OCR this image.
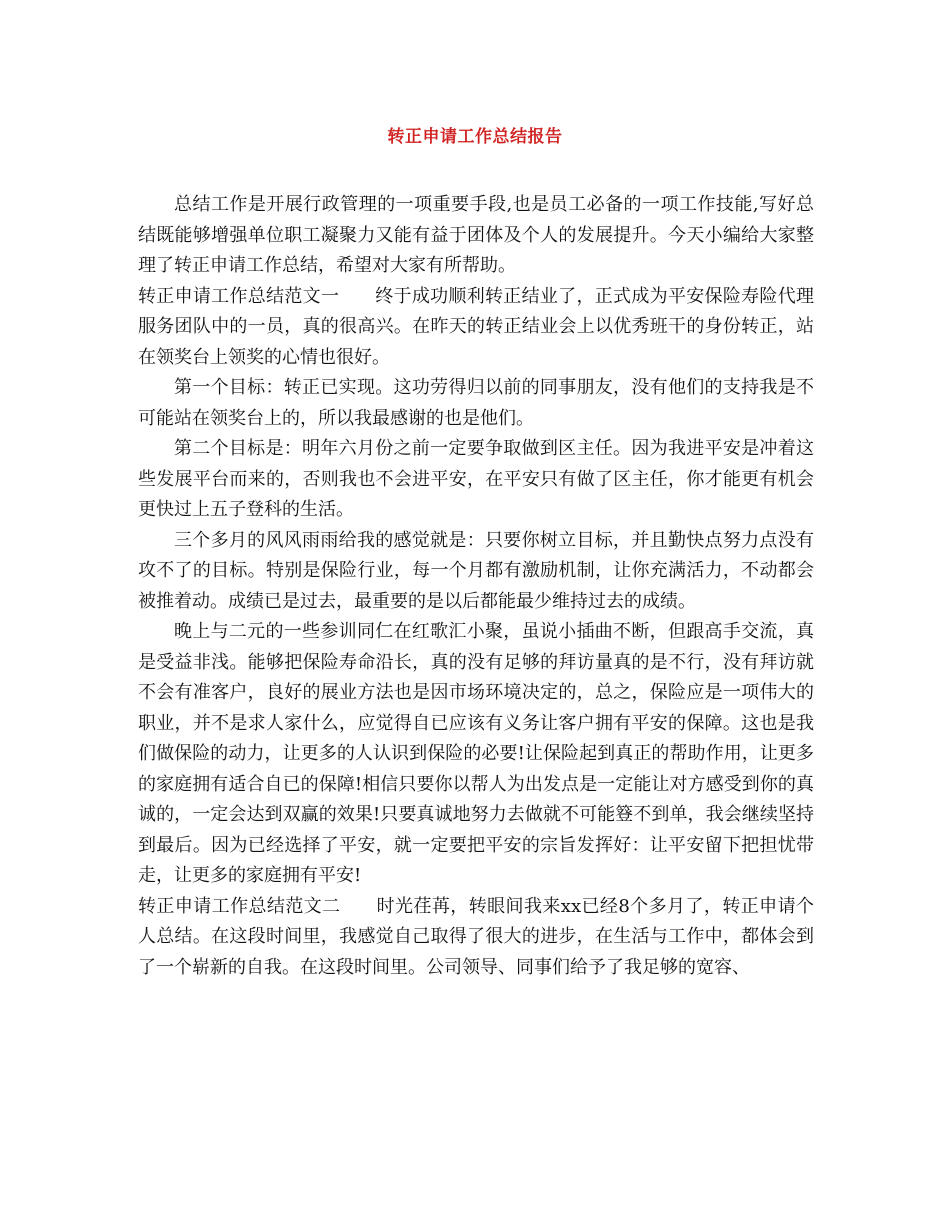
转正申请工作总结报告

总结工作是开展行政管理的一项重要手段,也是员工必备的一项工作技能,写好总结既能够增强单位职工凝聚力又能有益于团体及个人的发展提升。今天小编给大家整理了转正申请工作总结，希望对大家有所帮助。

转正申请工作总结范文一 终于成功顺利转正结业了，正式成为平安保险寿险代理服务团队中的一员，真的很高兴。在昨天的转正结业会上以优秀班干的身份转正，站在领奖台上领奖的心情也很好。

第一个目标：转正已实现。这功劳得归以前的同事朋友，没有他们的支持我是不可能站在领奖台上的，所以我最感谢的也是他们。

第二个目标是：明年六月份之前一定要争取做到区主任。因为我进平安是冲着这些发展平台而来的，否则我也不会进平安，在平安只有做了区主任，你才能更有机会更快过上五子登科的生活。

三个多月的风风雨雨给我的感觉就是：只要你树立目标，并且勤快点努力点没有攻不了的目标。特别是保险行业，每一个月都有激励机制，让你充满活力，不动都会被推着动。成绩已是过去，最重要的是以后都能最少维持过去的成绩。

晚上与二元的一些参训同仁在红歌汇小聚，虽说小插曲不断，但跟高手交流，真是受益非浅。能够把保险寿命沿长，真的没有足够的拜访量真的是不行，没有拜访就不会有准客户，良好的展业方法也是因市场环境决定的，总之，保险应是一项伟大的职业，并不是求人家什么，应觉得自已应该有义务让客户拥有平安的保障。这也是我们做保险的动力，让更多的人认识到保险的必要!让保险起到真正的帮助作用，让更多的家庭拥有适合自已的保障!相信只要你以帮人为出发点是一定能让对方感受到你的真诚的，一定会达到双赢的效果!只要真诚地努力去做就不可能簦不到单，我会继续坚持到最后。因为已经选择了平安，就一定要把平安的宗旨发挥好：让平安留下把担忧带走，让更多的家庭拥有平安!

转正申请工作总结范文二 时光荏苒，转眼间我来xx已经8个多月了，转正申请个人总结。在这段时间里，我感觉自己取得了很大的进步，在生活与工作中，都体会到了一个崭新的自我。在这段时间里。公司领导、同事们给予了我足够的宽容、
